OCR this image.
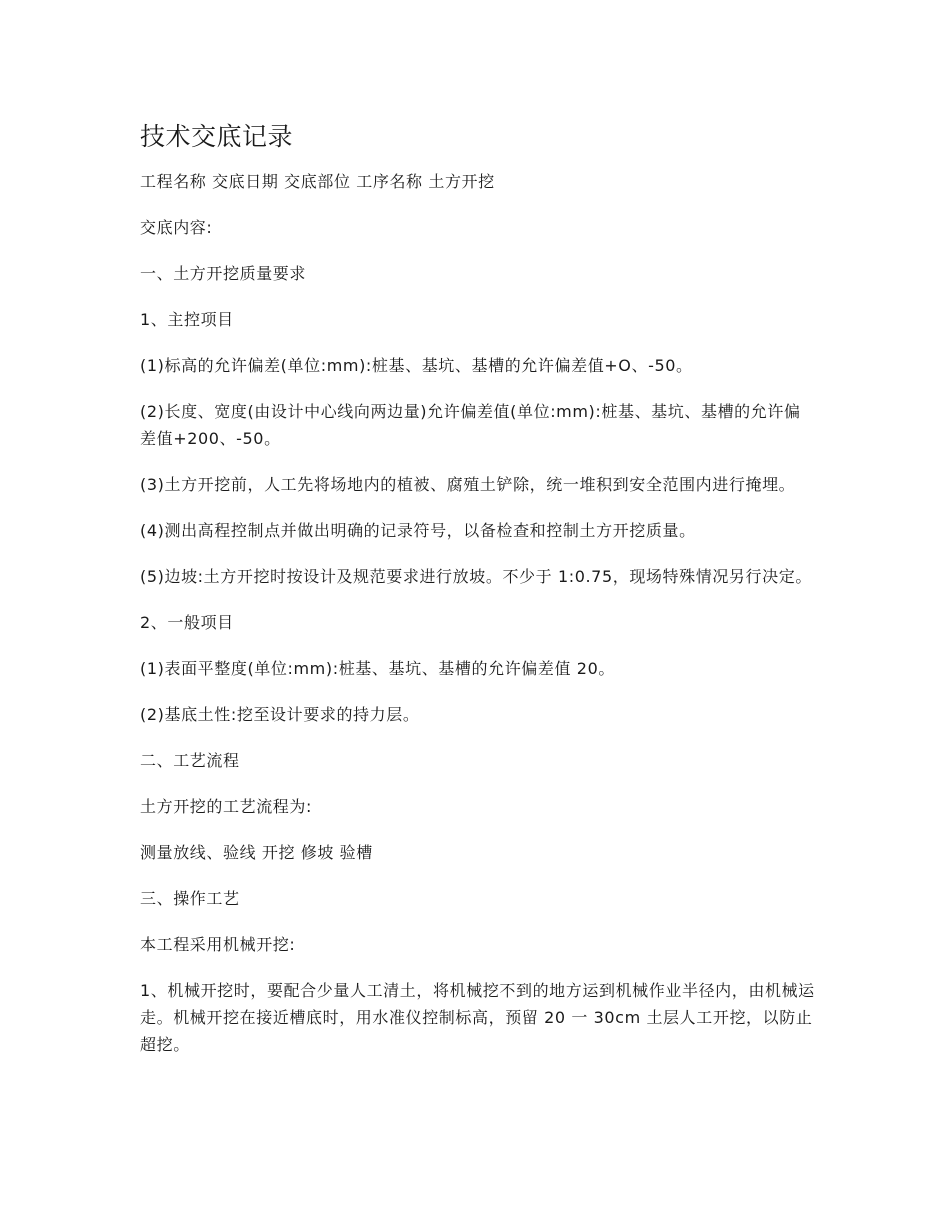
技术交底记录

工程名称 交底日期 交底部位 工序名称 土方开挖

交底内容:

一、土方开挖质量要求

1、主控项目

(1)标高的允许偏差(单位:mm):桩基、基坑、基槽的允许偏差值+O、-50。

(2)长度、宽度(由设计中心线向两边量)允许偏差值(单位:mm):桩基、基坑、基槽的允许偏差值+200、-50。

(3)土方开挖前，人工先将场地内的植被、腐殖土铲除，统一堆积到安全范围内进行掩埋。

(4)测出高程控制点并做出明确的记录符号，以备检查和控制土方开挖质量。

(5)边坡:土方开挖时按设计及规范要求进行放坡。不少于 1:0.75，现场特殊情况另行决定。

2、一般项目

(1)表面平整度(单位:mm):桩基、基坑、基槽的允许偏差值 20。

(2)基底土性:挖至设计要求的持力层。

二、工艺流程

土方开挖的工艺流程为:

测量放线、验线 开挖 修坡 验槽

三、操作工艺

本工程采用机械开挖:

1、机械开挖时，要配合少量人工清土，将机械挖不到的地方运到机械作业半径内，由机械运走。机械开挖在接近槽底时，用水准仪控制标高，预留 20 一 30cm 土层人工开挖，以防止超挖。
